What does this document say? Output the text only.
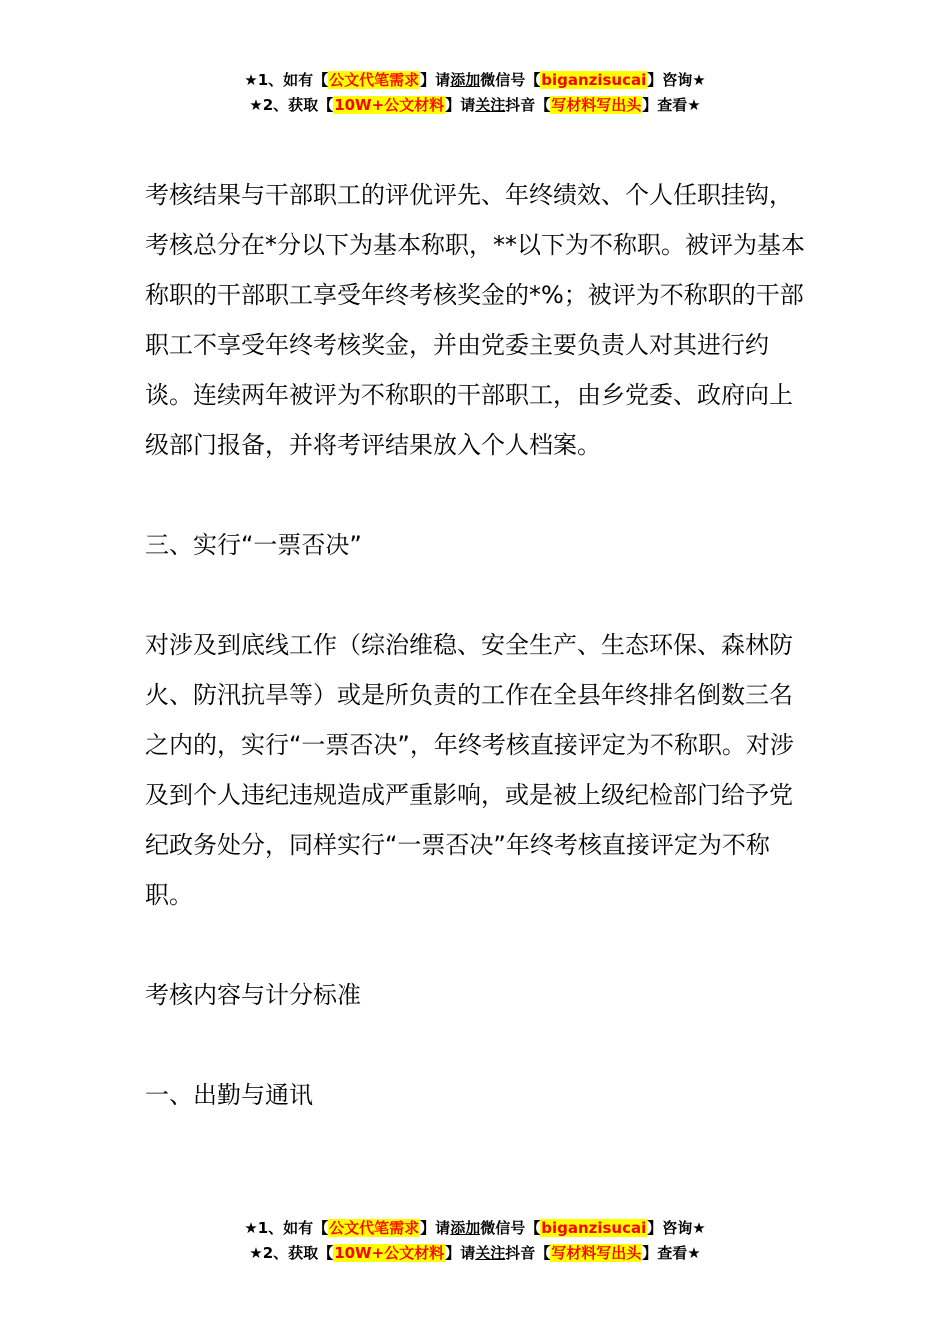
★1、如有【公文代笔需求】请添加微信号【biganzisucai】咨询★
★2、获取【10W+公文材料】请关注抖音【写材料写出头】查看★

考核结果与干部职工的评优评先、年终绩效、个人任职挂钩，考核总分在*分以下为基本称职，**以下为不称职。被评为基本称职的干部职工享受年终考核奖金的*%；被评为不称职的干部职工不享受年终考核奖金，并由党委主要负责人对其进行约谈。连续两年被评为不称职的干部职工，由乡党委、政府向上级部门报备，并将考评结果放入个人档案。

三、实行“一票否决”

对涉及到底线工作（综治维稳、安全生产、生态环保、森林防火、防汛抗旱等）或是所负责的工作在全县年终排名倒数三名之内的，实行“一票否决”，年终考核直接评定为不称职。对涉及到个人违纪违规造成严重影响，或是被上级纪检部门给予党纪政务处分，同样实行“一票否决”年终考核直接评定为不称职。

考核内容与计分标准

一、出勤与通讯

★1、如有【公文代笔需求】请添加微信号【biganzisucai】咨询★
★2、获取【10W+公文材料】请关注抖音【写材料写出头】查看★
